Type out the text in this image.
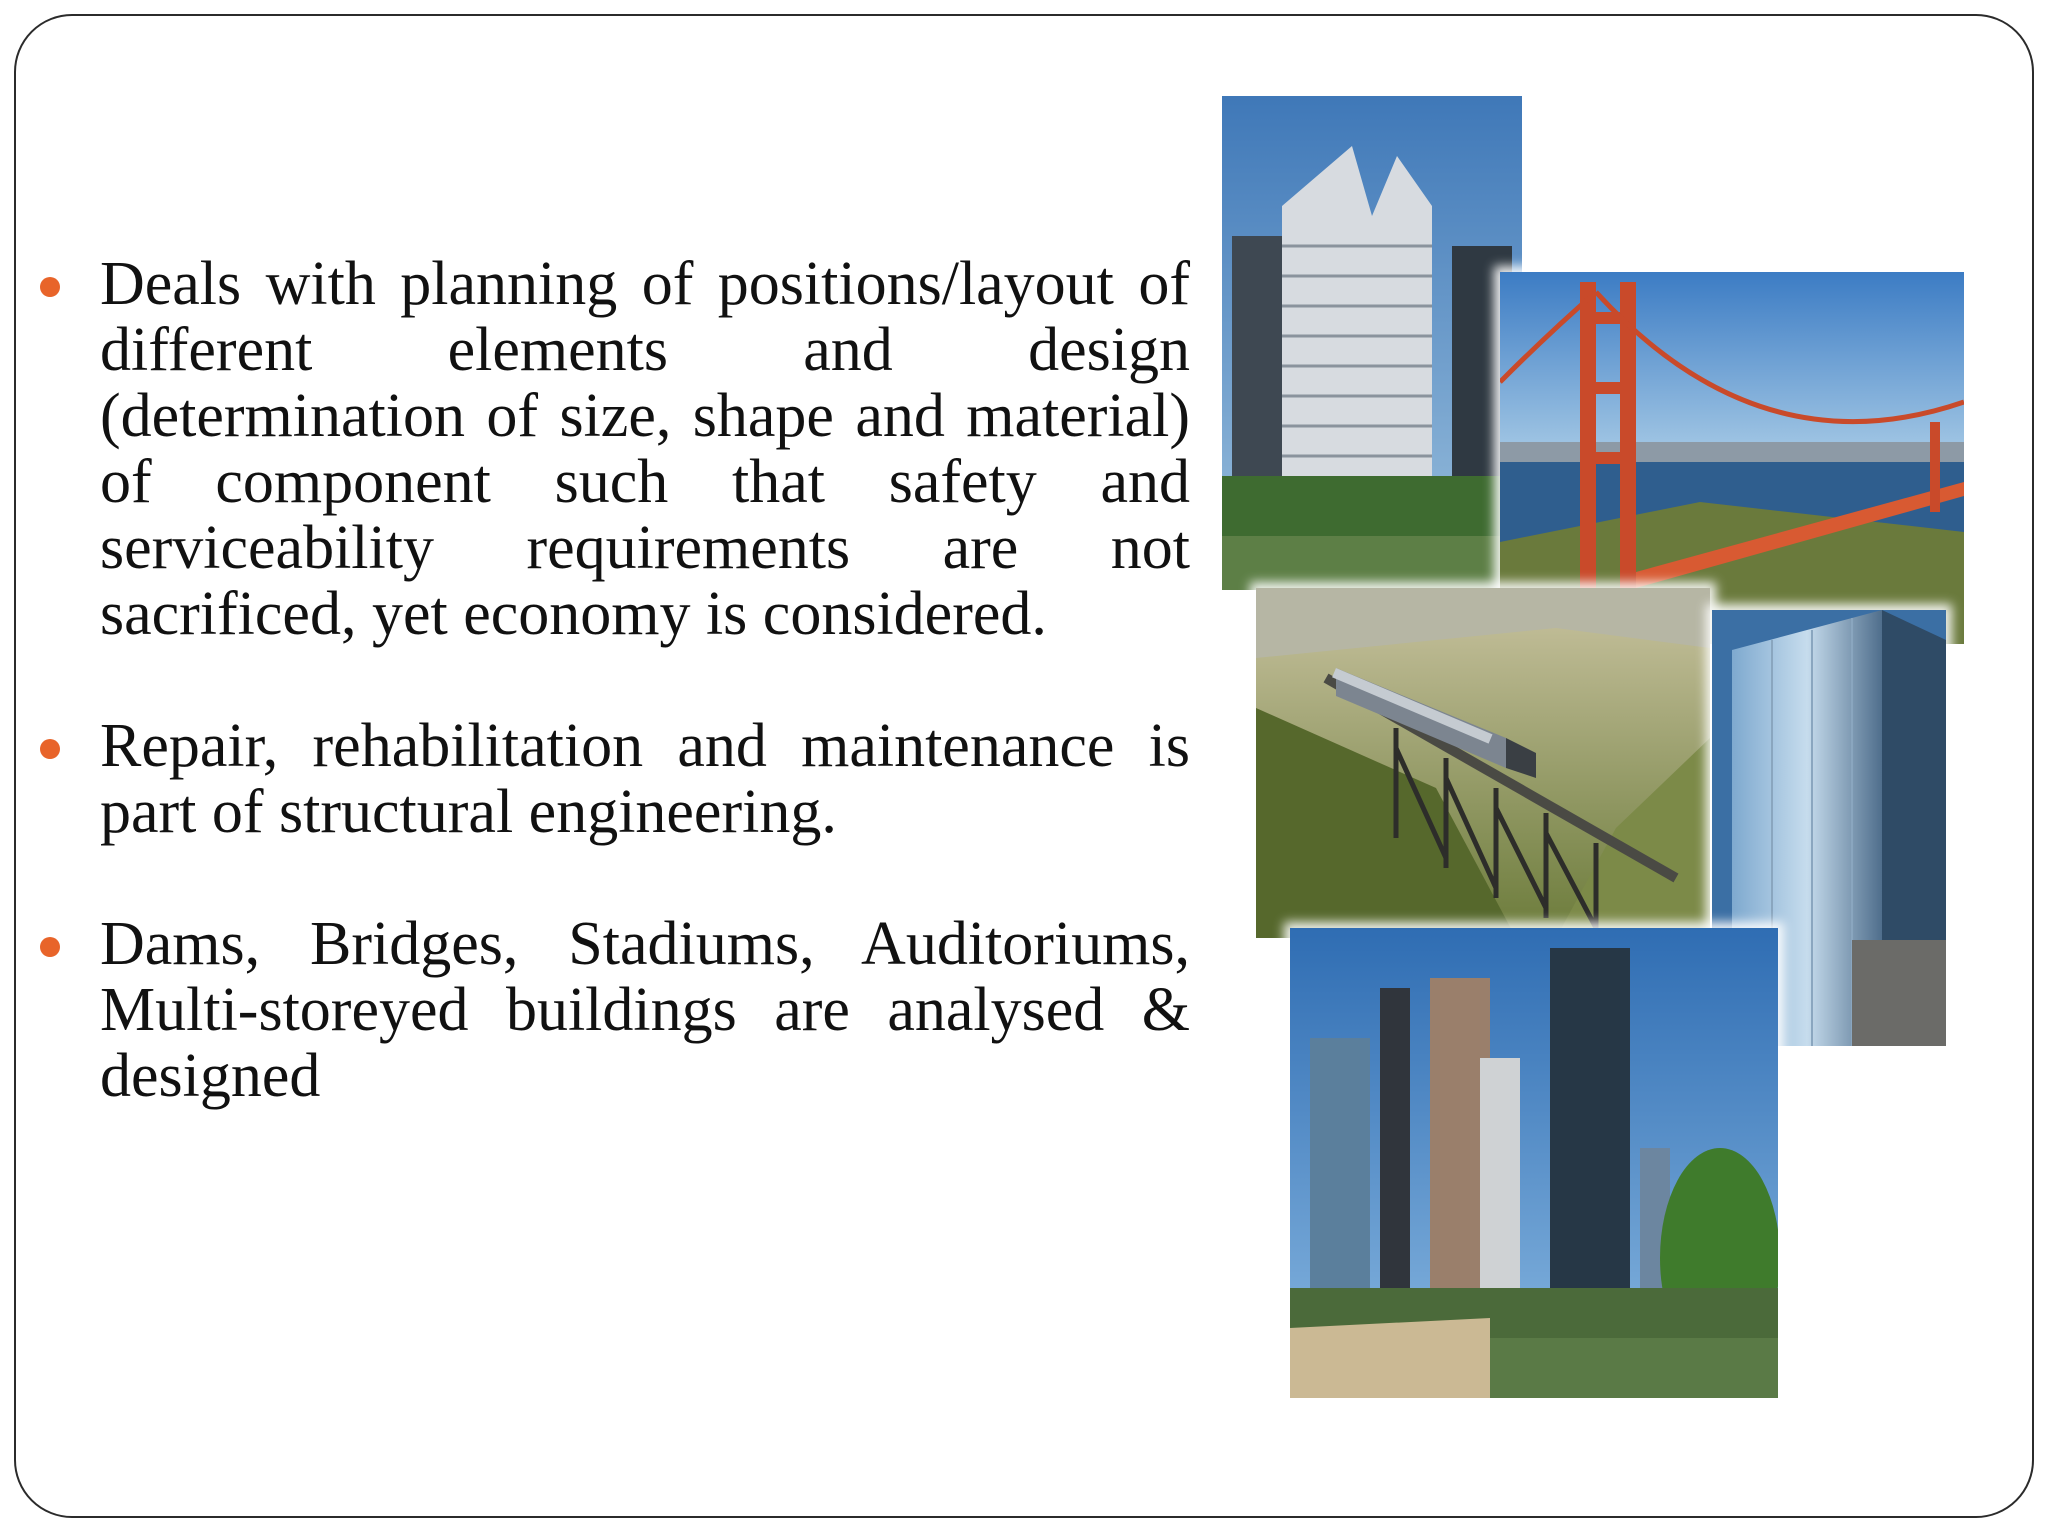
Deals with planning of positions/layout of different elements and design (determination of size, shape and material) of component such that safety and serviceability requirements are not sacrificed, yet economy is considered.

Repair, rehabilitation and maintenance is part of structural engineering.

Dams, Bridges, Stadiums, Auditoriums, Multi-storeyed buildings are analysed & designed
